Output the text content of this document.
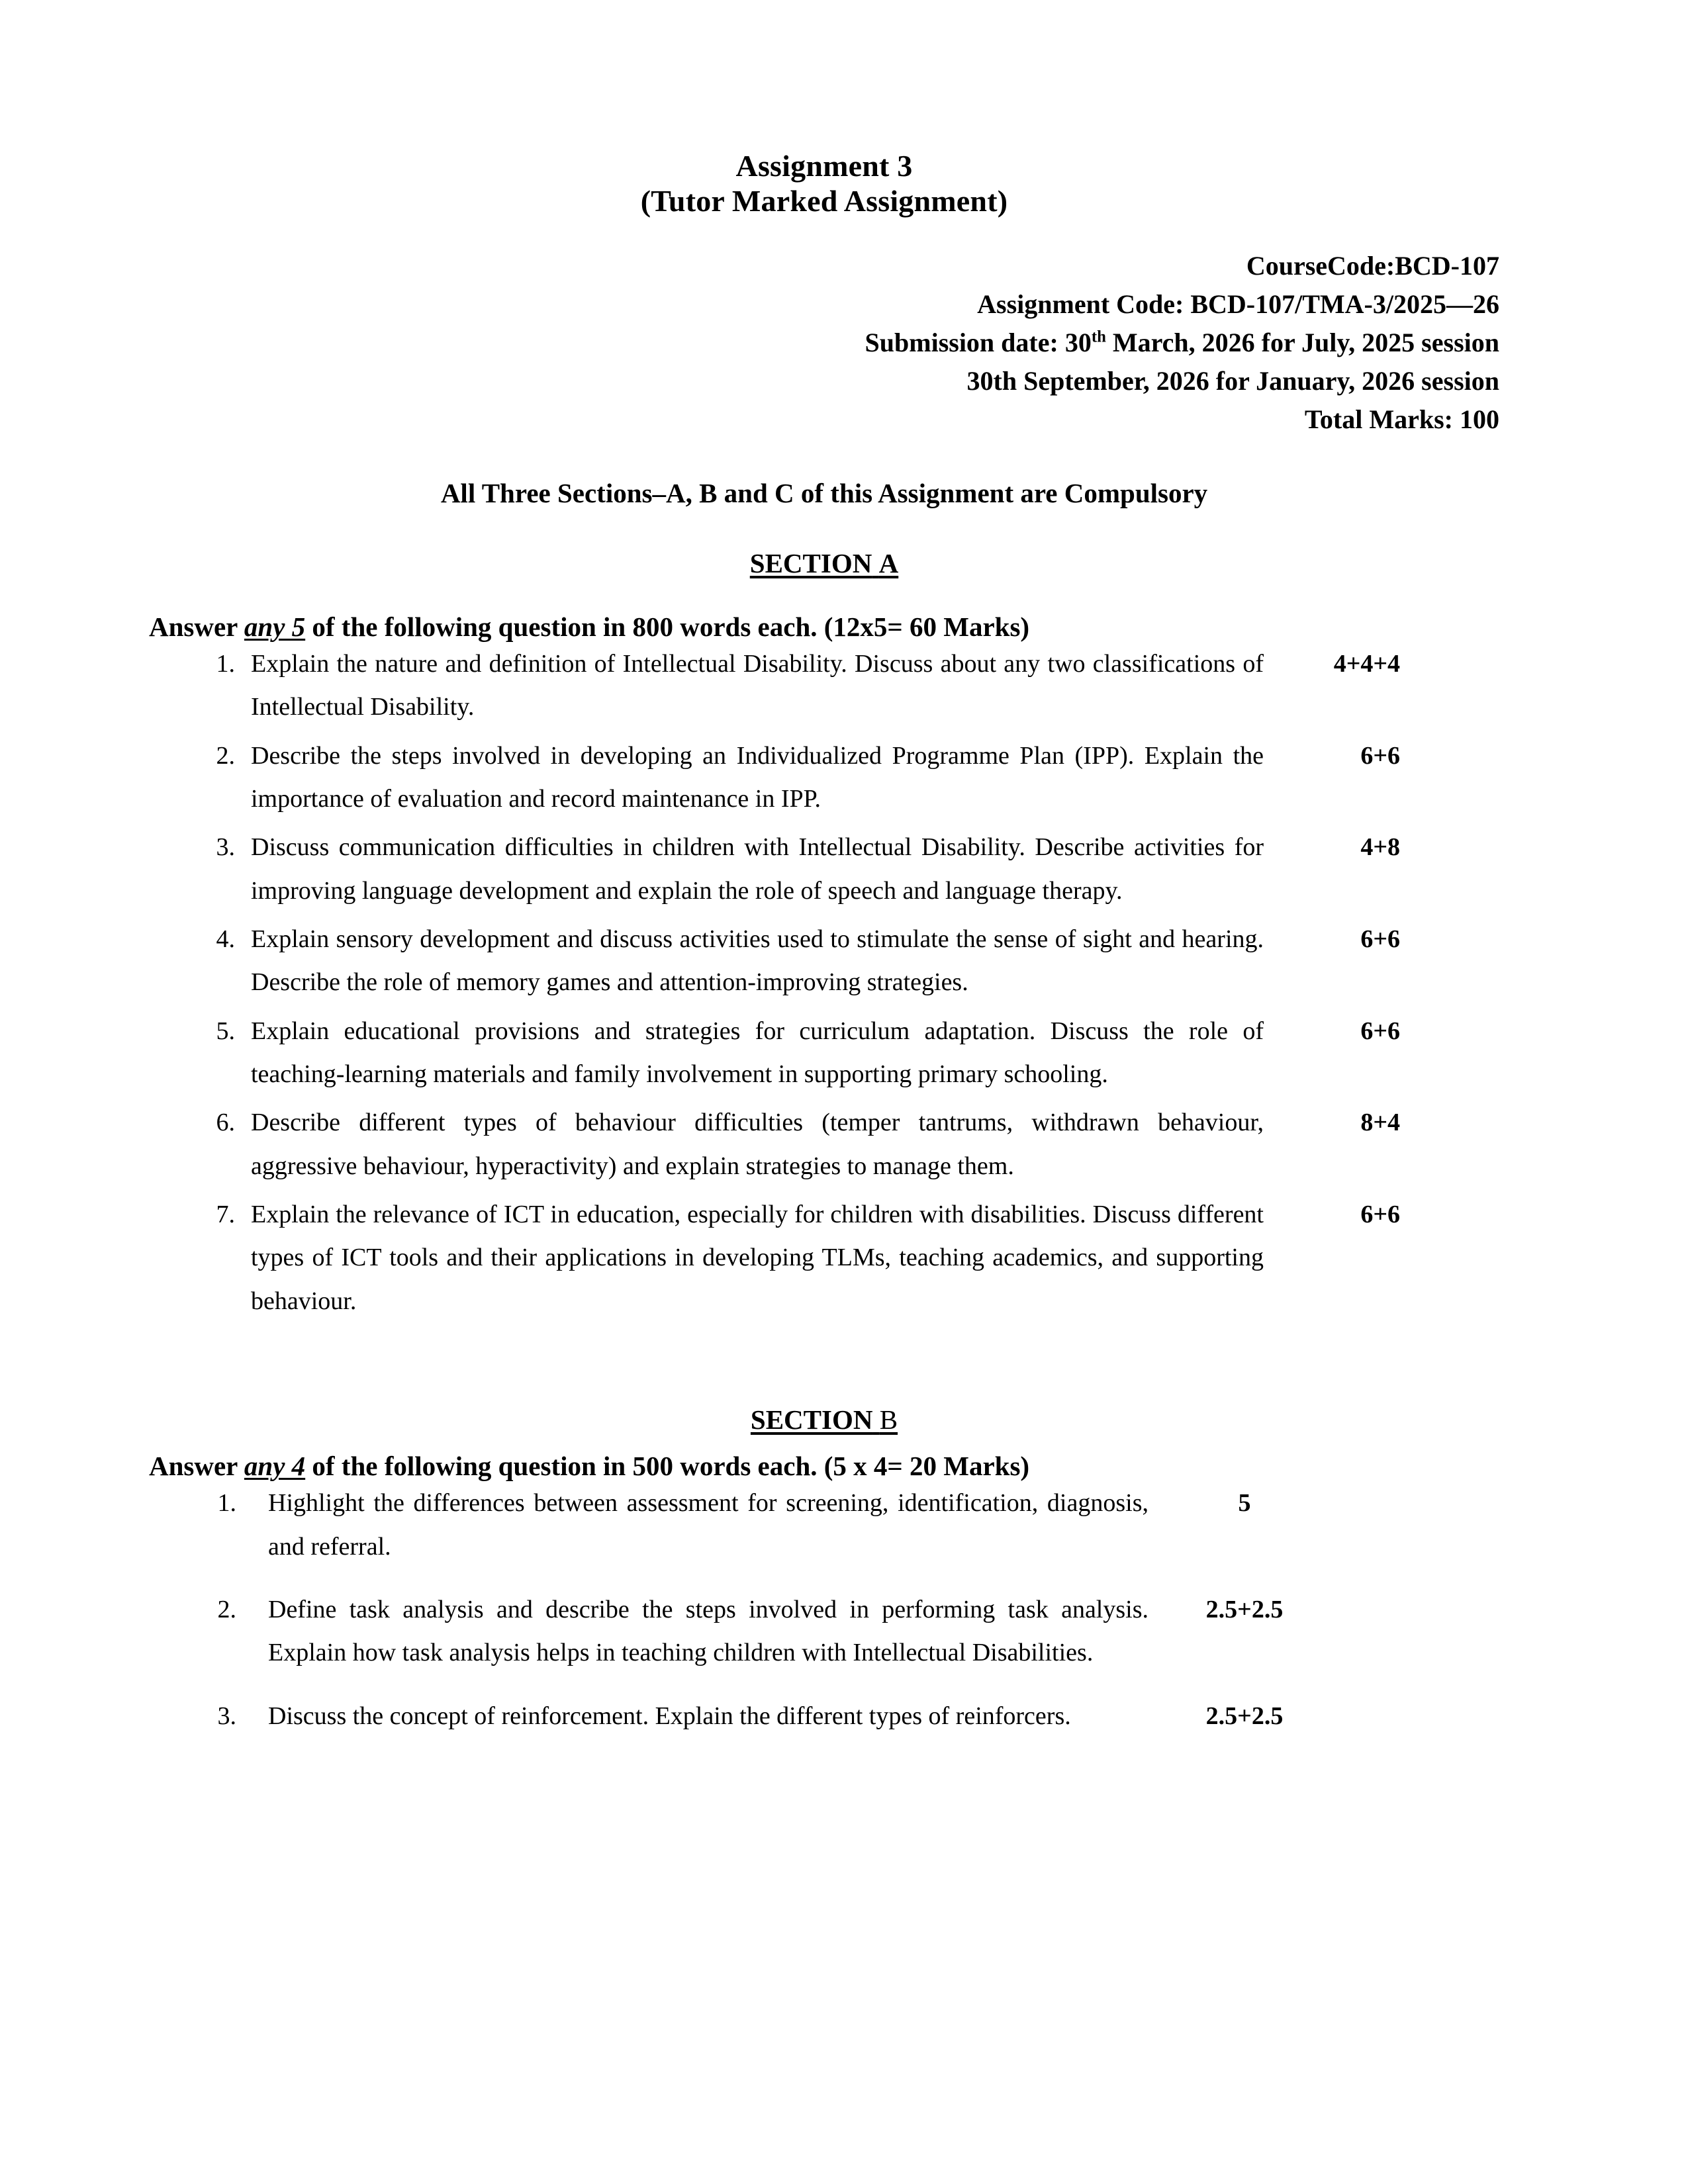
Assignment 3
(Tutor Marked Assignment)
CourseCode:BCD-107
Assignment Code: BCD-107/TMA-3/2025—26
Submission date: 30th March, 2026 for July, 2025 session
30th September, 2026 for January, 2026 session
Total Marks: 100
All Three Sections–A, B and C of this Assignment are Compulsory
SECTION A
Answer any 5 of the following question in 800 words each. (12x5= 60 Marks)
1. Explain the nature and definition of Intellectual Disability. Discuss about any two classifications of Intellectual Disability.
4+4+4
2. Describe the steps involved in developing an Individualized Programme Plan (IPP). Explain the importance of evaluation and record maintenance in IPP.
6+6
3. Discuss communication difficulties in children with Intellectual Disability. Describe activities for improving language development and explain the role of speech and language therapy.
4+8
4. Explain sensory development and discuss activities used to stimulate the sense of sight and hearing. Describe the role of memory games and attention-improving strategies.
6+6
5. Explain educational provisions and strategies for curriculum adaptation. Discuss the role of teaching-learning materials and family involvement in supporting primary schooling.
6+6
6. Describe different types of behaviour difficulties (temper tantrums, withdrawn behaviour, aggressive behaviour, hyperactivity) and explain strategies to manage them.
8+4
7. Explain the relevance of ICT in education, especially for children with disabilities. Discuss different types of ICT tools and their applications in developing TLMs, teaching academics, and supporting behaviour.
6+6
SECTION B
Answer any 4 of the following question in 500 words each. (5 x 4= 20 Marks)
1.	Highlight the differences between assessment for screening, identification, diagnosis, and referral.
5
2.	Define task analysis and describe the steps involved in performing task analysis. Explain how task analysis helps in teaching children with Intellectual Disabilities.
2.5+2.5
3.	Discuss the concept of reinforcement. Explain the different types of reinforcers.	2.5+2.5
